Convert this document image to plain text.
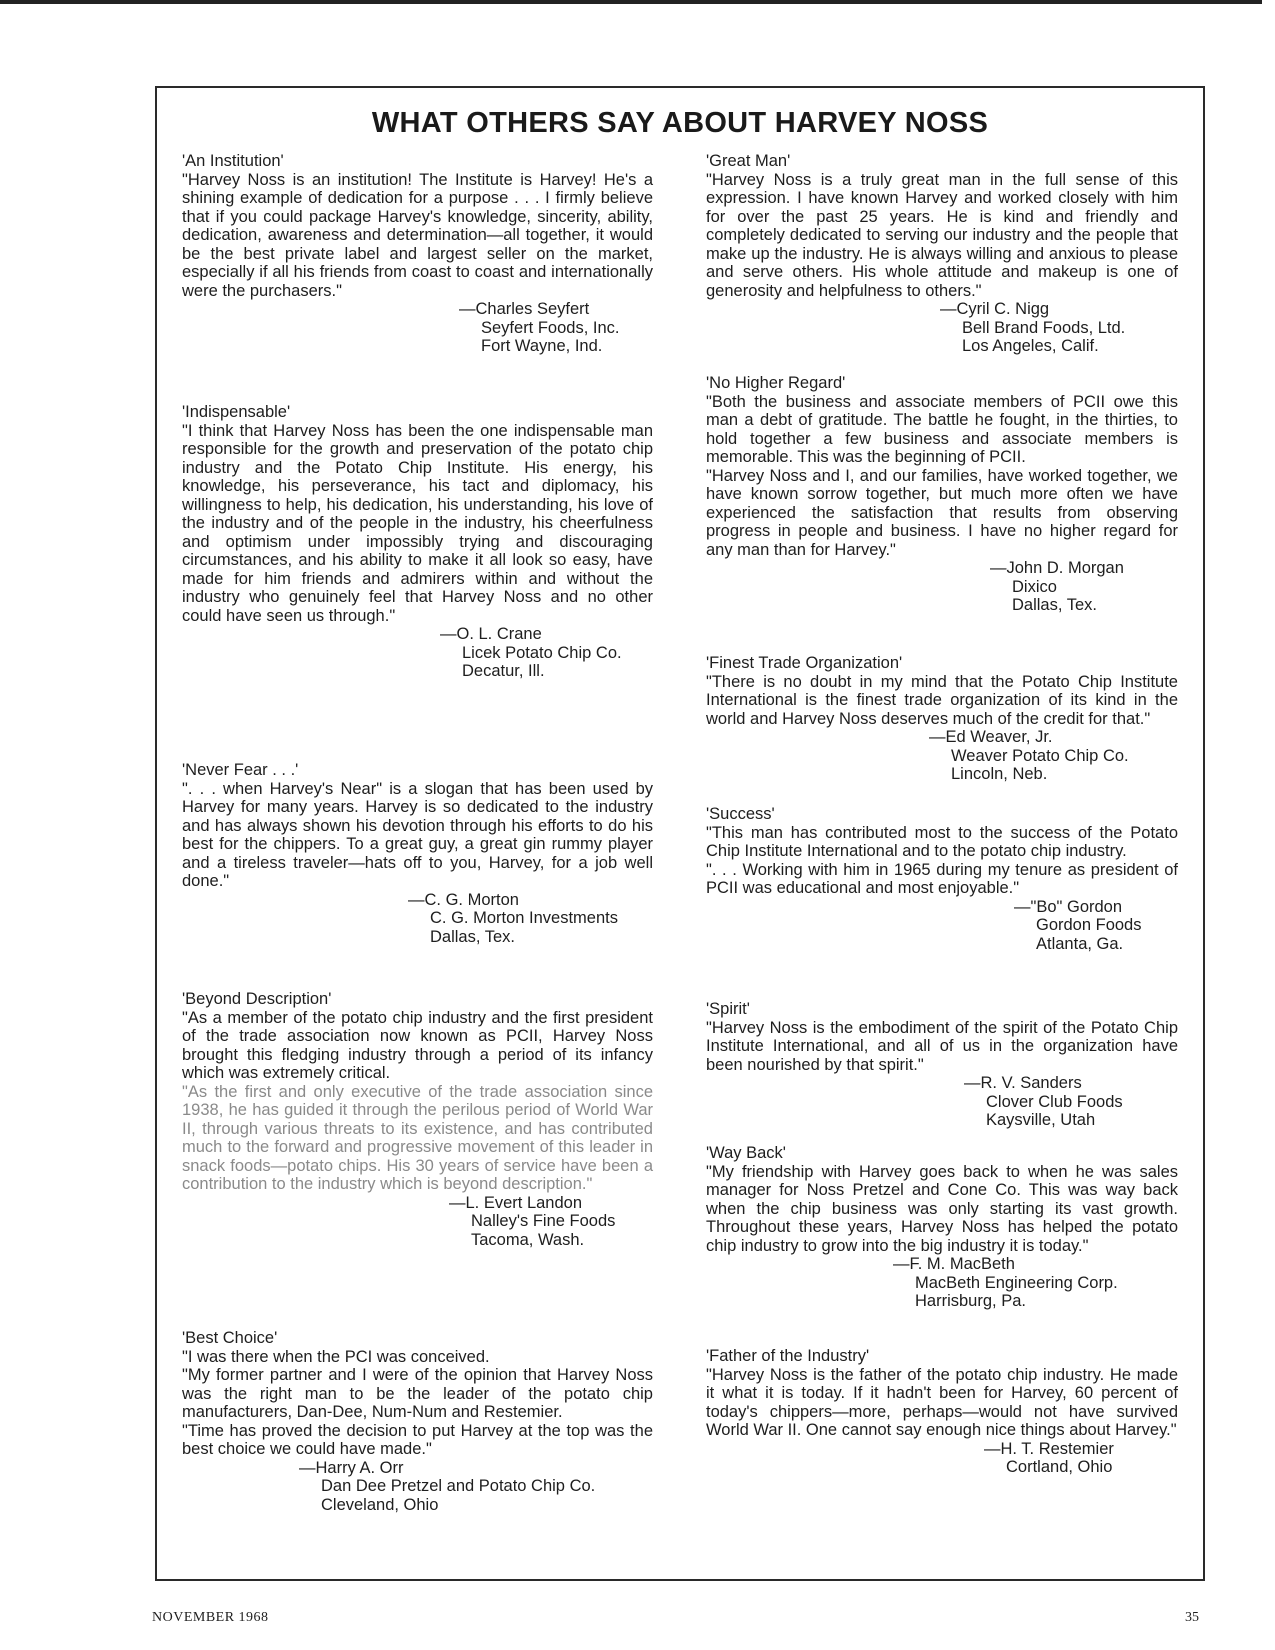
WHAT OTHERS SAY ABOUT HARVEY NOSS

'An Institution'

"Harvey Noss is an institution! The Institute is Harvey! He's a shining example of dedication for a purpose . . . I firmly believe that if you could package Harvey's knowledge, sincerity, ability, dedication, awareness and determination—all together, it would be the best private label and largest seller on the market, especially if all his friends from coast to coast and internationally were the purchasers."

—Charles Seyfert
Seyfert Foods, Inc.
Fort Wayne, Ind.

'Indispensable'

"I think that Harvey Noss has been the one indispensable man responsible for the growth and preservation of the potato chip industry and the Potato Chip Institute. His energy, his knowledge, his perseverance, his tact and diplomacy, his willingness to help, his dedication, his understanding, his love of the industry and of the people in the industry, his cheerfulness and optimism under impossibly trying and discouraging circumstances, and his ability to make it all look so easy, have made for him friends and admirers within and without the industry who genuinely feel that Harvey Noss and no other could have seen us through."

—O. L. Crane
Licek Potato Chip Co.
Decatur, Ill.

'Never Fear . . .'

". . . when Harvey's Near" is a slogan that has been used by Harvey for many years. Harvey is so dedicated to the industry and has always shown his devotion through his efforts to do his best for the chippers. To a great guy, a great gin rummy player and a tireless traveler—hats off to you, Harvey, for a job well done."

—C. G. Morton
C. G. Morton Investments
Dallas, Tex.

'Beyond Description'

"As a member of the potato chip industry and the first president of the trade association now known as PCII, Harvey Noss brought this fledging industry through a period of its infancy which was extremely critical.

"As the first and only executive of the trade association since 1938, he has guided it through the perilous period of World War II, through various threats to its existence, and has contributed much to the forward and progressive movement of this leader in snack foods—potato chips. His 30 years of service have been a contribution to the industry which is beyond description."

—L. Evert Landon
Nalley's Fine Foods
Tacoma, Wash.

'Best Choice'

"I was there when the PCI was conceived.

"My former partner and I were of the opinion that Harvey Noss was the right man to be the leader of the potato chip manufacturers, Dan-Dee, Num-Num and Restemier.

"Time has proved the decision to put Harvey at the top was the best choice we could have made."

—Harry A. Orr
Dan Dee Pretzel and Potato Chip Co.
Cleveland, Ohio

'Great Man'

"Harvey Noss is a truly great man in the full sense of this expression. I have known Harvey and worked closely with him for over the past 25 years. He is kind and friendly and completely dedicated to serving our industry and the people that make up the industry. He is always willing and anxious to please and serve others. His whole attitude and makeup is one of generosity and helpfulness to others."

—Cyril C. Nigg
Bell Brand Foods, Ltd.
Los Angeles, Calif.

'No Higher Regard'

"Both the business and associate members of PCII owe this man a debt of gratitude. The battle he fought, in the thirties, to hold together a few business and associate members is memorable. This was the beginning of PCII.

"Harvey Noss and I, and our families, have worked together, we have known sorrow together, but much more often we have experienced the satisfaction that results from observing progress in people and business. I have no higher regard for any man than for Harvey."

—John D. Morgan
Dixico
Dallas, Tex.

'Finest Trade Organization'

"There is no doubt in my mind that the Potato Chip Institute International is the finest trade organization of its kind in the world and Harvey Noss deserves much of the credit for that."

—Ed Weaver, Jr.
Weaver Potato Chip Co.
Lincoln, Neb.

'Success'

"This man has contributed most to the success of the Potato Chip Institute International and to the potato chip industry.

". . . Working with him in 1965 during my tenure as president of PCII was educational and most enjoyable."

—"Bo" Gordon
Gordon Foods
Atlanta, Ga.

'Spirit'

"Harvey Noss is the embodiment of the spirit of the Potato Chip Institute International, and all of us in the organization have been nourished by that spirit."

—R. V. Sanders
Clover Club Foods
Kaysville, Utah

'Way Back'

"My friendship with Harvey goes back to when he was sales manager for Noss Pretzel and Cone Co. This was way back when the chip business was only starting its vast growth. Throughout these years, Harvey Noss has helped the potato chip industry to grow into the big industry it is today."

—F. M. MacBeth
MacBeth Engineering Corp.
Harrisburg, Pa.

'Father of the Industry'

"Harvey Noss is the father of the potato chip industry. He made it what it is today. If it hadn't been for Harvey, 60 percent of today's chippers—more, perhaps—would not have survived World War II. One cannot say enough nice things about Harvey."

—H. T. Restemier
Cortland, Ohio
NOVEMBER 1968	35
